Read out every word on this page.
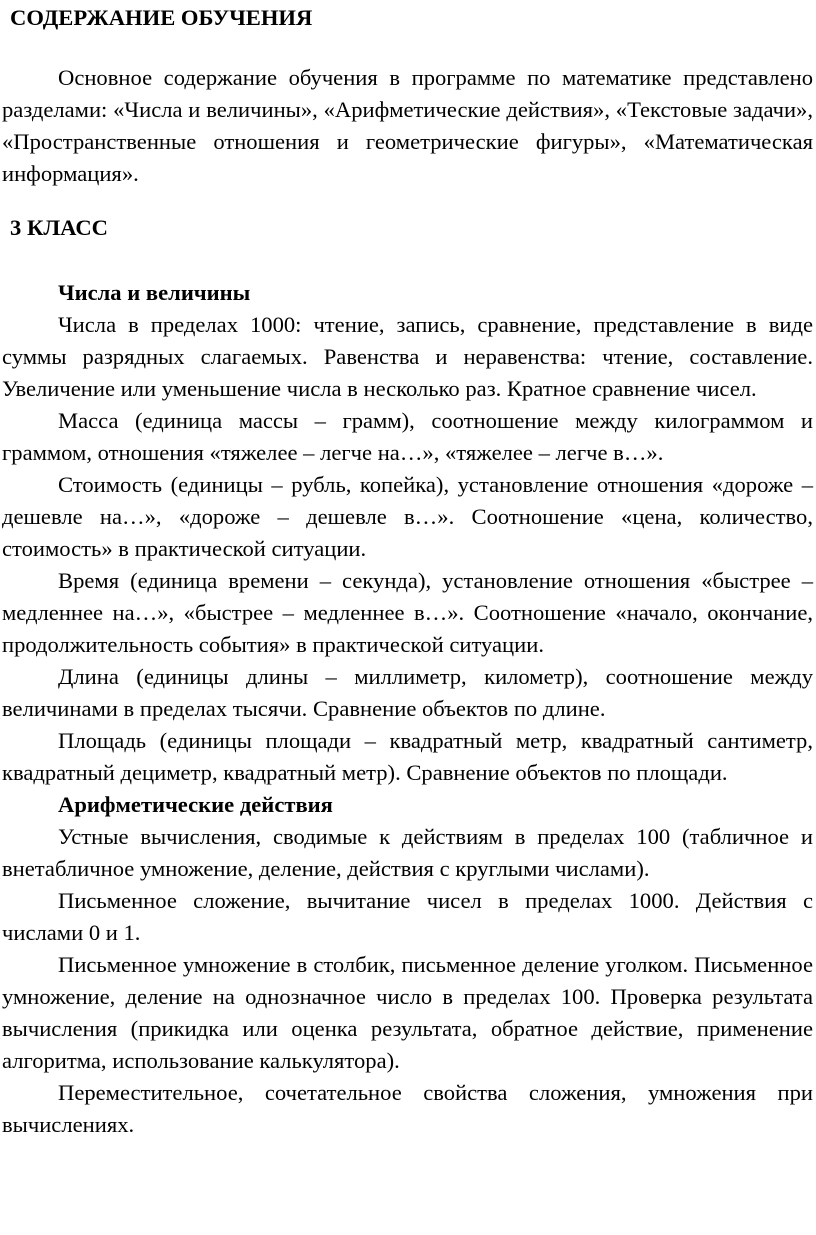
СОДЕРЖАНИЕ ОБУЧЕНИЯ

Основное содержание обучения в программе по математике представлено разделами: «Числа и величины», «Арифметические действия», «Текстовые задачи», «Пространственные отношения и геометрические фигуры», «Математическая информация».

3 КЛАСС
Числа и величины

Числа в пределах 1000: чтение, запись, сравнение, представление в виде суммы разрядных слагаемых. Равенства и неравенства: чтение, составление. Увеличение или уменьшение числа в несколько раз. Кратное сравнение чисел.

Масса (единица массы – грамм), соотношение между килограммом и граммом, отношения «тяжелее – легче на…», «тяжелее – легче в…».

Стоимость (единицы – рубль, копейка), установление отношения «дороже – дешевле на…», «дороже – дешевле в…». Соотношение «цена, количество, стоимость» в практической ситуации.

Время (единица времени – секунда), установление отношения «быстрее – медленнее на…», «быстрее – медленнее в…». Соотношение «начало, окончание, продолжительность события» в практической ситуации.

Длина (единицы длины – миллиметр, километр), соотношение между величинами в пределах тысячи. Сравнение объектов по длине.

Площадь (единицы площади – квадратный метр, квадратный сантиметр, квадратный дециметр, квадратный метр). Сравнение объектов по площади.

Арифметические действия

Устные вычисления, сводимые к действиям в пределах 100 (табличное и внетабличное умножение, деление, действия с круглыми числами).

Письменное сложение, вычитание чисел в пределах 1000. Действия с числами 0 и 1.

Письменное умножение в столбик, письменное деление уголком. Письменное умножение, деление на однозначное число в пределах 100. Проверка результата вычисления (прикидка или оценка результата, обратное действие, применение алгоритма, использование калькулятора).

Переместительное, сочетательное свойства сложения, умножения при вычислениях.
